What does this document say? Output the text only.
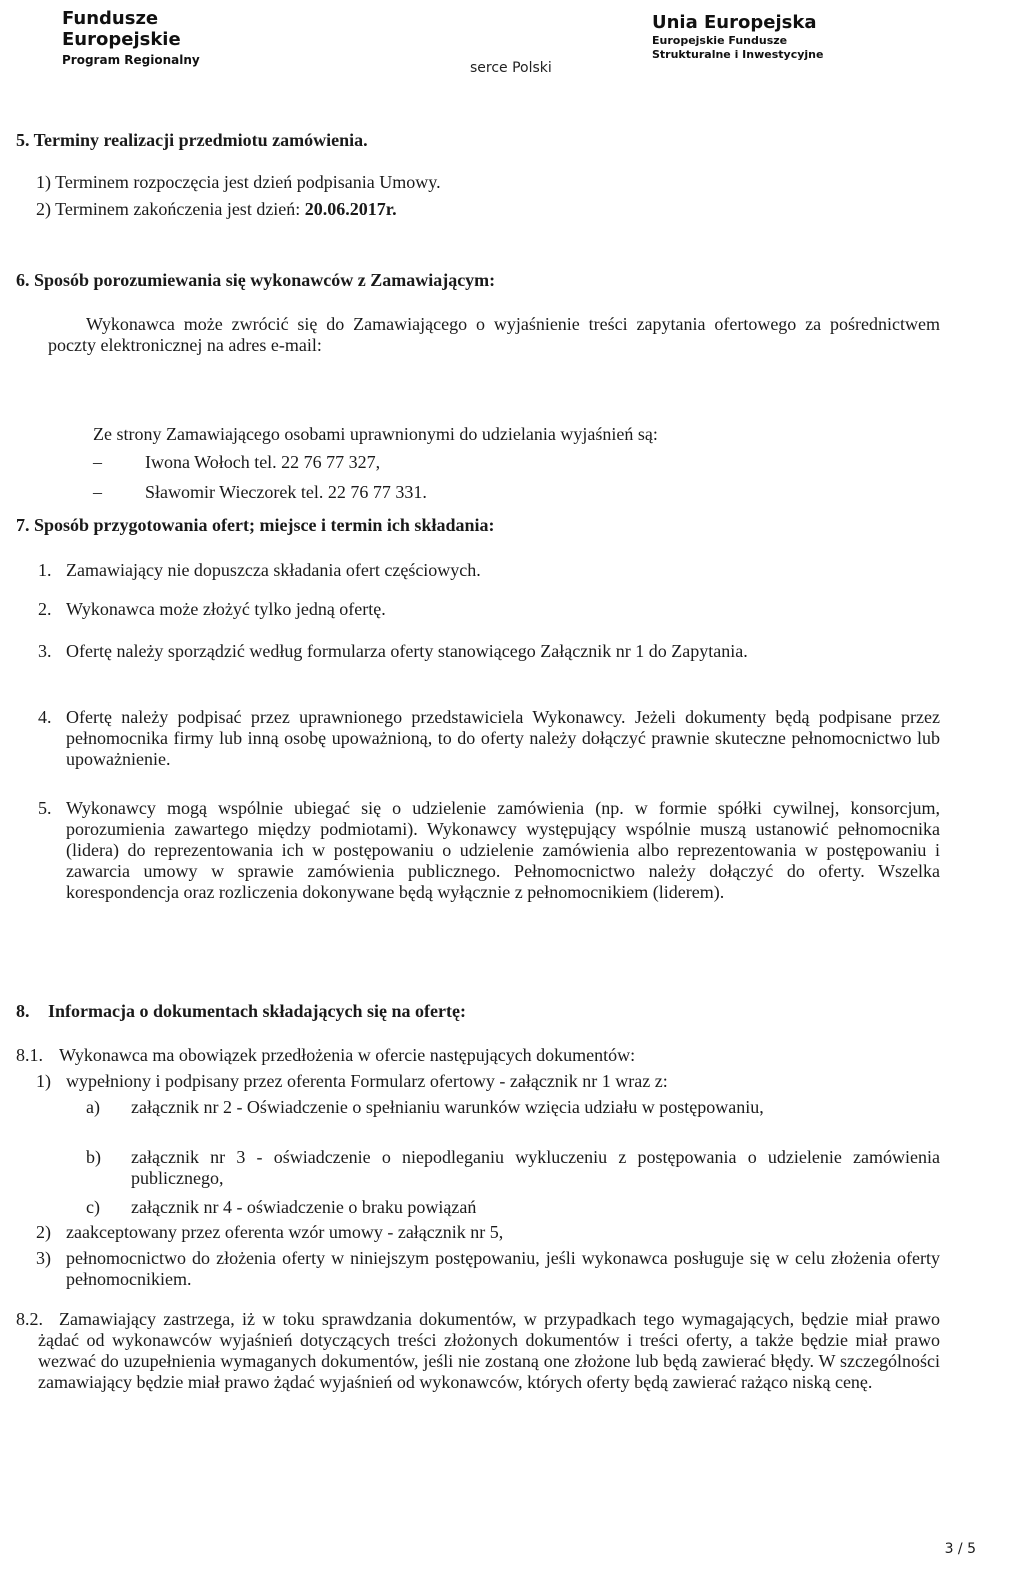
Fundusze
Europejskie
Program Regionalny	serce Polski
Unia Europejska
Europejskie Fundusze
Strukturalne i Inwestycyjne
5. Terminy realizacji przedmiotu zamówienia.
1) Terminem rozpoczęcia jest dzień podpisania Umowy.
2) Terminem zakończenia jest dzień: 20.06.2017r.
6. Sposób porozumiewania się wykonawców z Zamawiającym:
Wykonawca może zwrócić się do Zamawiającego o wyjaśnienie treści zapytania ofertowego za pośrednictwem poczty elektronicznej na adres e-mail:
Ze strony Zamawiającego osobami uprawnionymi do udzielania wyjaśnień są:
– Iwona Wołoch tel. 22 76 77 327,
– Sławomir Wieczorek tel. 22 76 77 331.
7. Sposób przygotowania ofert; miejsce i termin ich składania:
1. Zamawiający nie dopuszcza składania ofert częściowych.
2. Wykonawca może złożyć tylko jedną ofertę.
3. Ofertę należy sporządzić według formularza oferty stanowiącego Załącznik nr 1 do Zapytania.
4. Ofertę należy podpisać przez uprawnionego przedstawiciela Wykonawcy. Jeżeli dokumenty będą podpisane przez pełnomocnika firmy lub inną osobę upoważnioną, to do oferty należy dołączyć prawnie skuteczne pełnomocnictwo lub upoważnienie.
5. Wykonawcy mogą wspólnie ubiegać się o udzielenie zamówienia (np. w formie spółki cywilnej, konsorcjum, porozumienia zawartego między podmiotami). Wykonawcy występujący wspólnie muszą ustanowić pełnomocnika (lidera) do reprezentowania ich w postępowaniu o udzielenie zamówienia albo reprezentowania w postępowaniu i zawarcia umowy w sprawie zamówienia publicznego. Pełnomocnictwo należy dołączyć do oferty. Wszelka korespondencja oraz rozliczenia dokonywane będą wyłącznie z pełnomocnikiem (liderem).
8. Informacja o dokumentach składających się na ofertę:
8.1. Wykonawca ma obowiązek przedłożenia w ofercie następujących dokumentów:
1) wypełniony i podpisany przez oferenta Formularz ofertowy - załącznik nr 1 wraz z:
a) załącznik nr 2 - Oświadczenie o spełnianiu warunków wzięcia udziału w postępowaniu,
b) załącznik nr 3 - oświadczenie o niepodleganiu wykluczeniu z postępowania o udzielenie zamówienia publicznego,
c) załącznik nr 4 - oświadczenie o braku powiązań
2) zaakceptowany przez oferenta wzór umowy - załącznik nr 5,
3) pełnomocnictwo do złożenia oferty w niniejszym postępowaniu, jeśli wykonawca posługuje się w celu złożenia oferty pełnomocnikiem.
8.2. Zamawiający zastrzega, iż w toku sprawdzania dokumentów, w przypadkach tego wymagających, będzie miał prawo żądać od wykonawców wyjaśnień dotyczących treści złożonych dokumentów i treści oferty, a także będzie miał prawo wezwać do uzupełnienia wymaganych dokumentów, jeśli nie zostaną one złożone lub będą zawierać błędy. W szczególności zamawiający będzie miał prawo żądać wyjaśnień od wykonawców, których oferty będą zawierać rażąco niską cenę.
3 / 5
